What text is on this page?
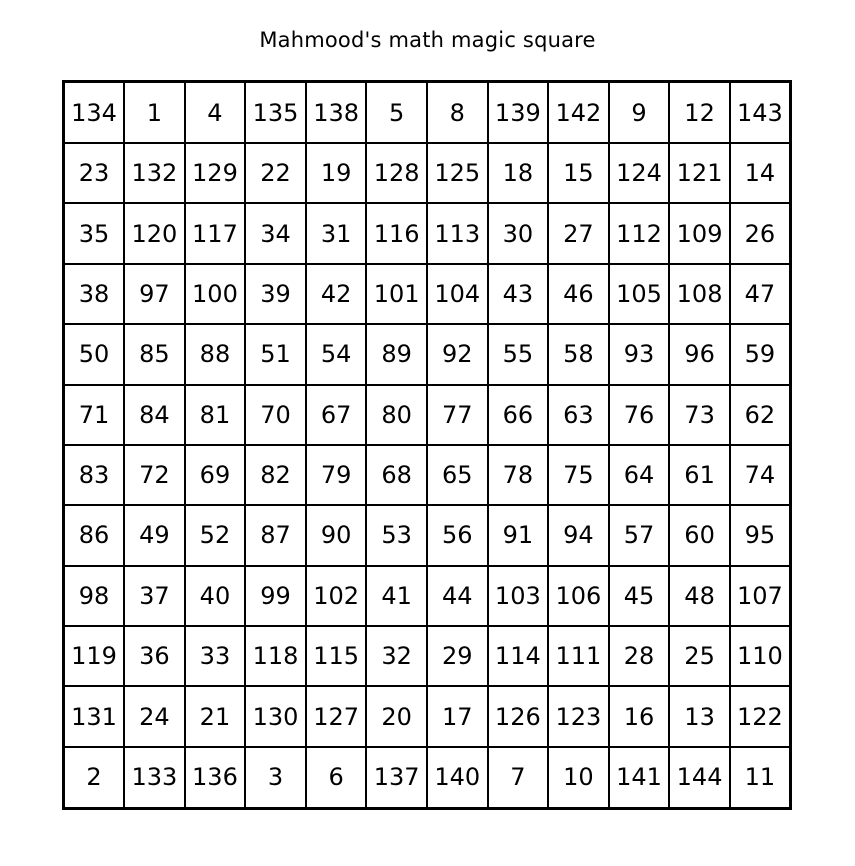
Mahmood's math magic square
134	1	4	135	138	5	8	139	142	9	12	143
23	132	129	22	19	128	125	18	15	124	121	14
35	120	117	34	31	116	113	30	27	112	109	26
38	97	100	39	42	101	104	43	46	105	108	47
50	85	88	51	54	89	92	55	58	93	96	59
71	84	81	70	67	80	77	66	63	76	73	62
83	72	69	82	79	68	65	78	75	64	61	74
86	49	52	87	90	53	56	91	94	57	60	95
98	37	40	99	102	41	44	103	106	45	48	107
119	36	33	118	115	32	29	114	111	28	25	110
131	24	21	130	127	20	17	126	123	16	13	122
2	133	136	3	6	137	140	7	10	141	144	11
